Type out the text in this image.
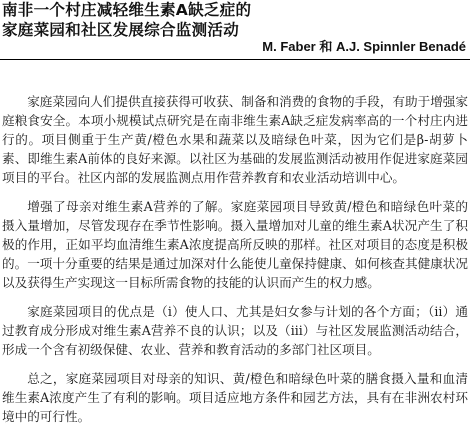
南非一个村庄减轻维生素A缺乏症的
家庭菜园和社区发展综合监测活动
M. Faber 和 A.J. Spinnler Benadé

家庭菜园向人们提供直接获得可收获、制备和消费的食物的手段，有助于增强家庭粮食安全。本项小规模试点研究是在南非维生素A缺乏症发病率高的一个村庄内进行的。项目侧重于生产黄/橙色水果和蔬菜以及暗绿色叶菜，因为它们是β-胡萝卜素、即维生素A前体的良好来源。以社区为基础的发展监测活动被用作促进家庭菜园项目的平台。社区内部的发展监测点用作营养教育和农业活动培训中心。

增强了母亲对维生素A营养的了解。家庭菜园项目导致黄/橙色和暗绿色叶菜的摄入量增加，尽管发现存在季节性影响。摄入量增加对儿童的维生素A状况产生了积极的作用，正如平均血清维生素A浓度提高所反映的那样。社区对项目的态度是积极的。一项十分重要的结果是通过加深对什么能使儿童保持健康、如何核查其健康状况以及获得生产实现这一目标所需食物的技能的认识而产生的权力感。

家庭菜园项目的优点是（i）使人口、尤其是妇女参与计划的各个方面；（ii）通过教育成分形成对维生素A营养不良的认识；以及（iii）与社区发展监测活动结合，形成一个含有初级保健、农业、营养和教育活动的多部门社区项目。

总之，家庭菜园项目对母亲的知识、黄/橙色和暗绿色叶菜的膳食摄入量和血清维生素A浓度产生了有利的影响。项目适应地方条件和园艺方法，具有在非洲农村环境中的可行性。
